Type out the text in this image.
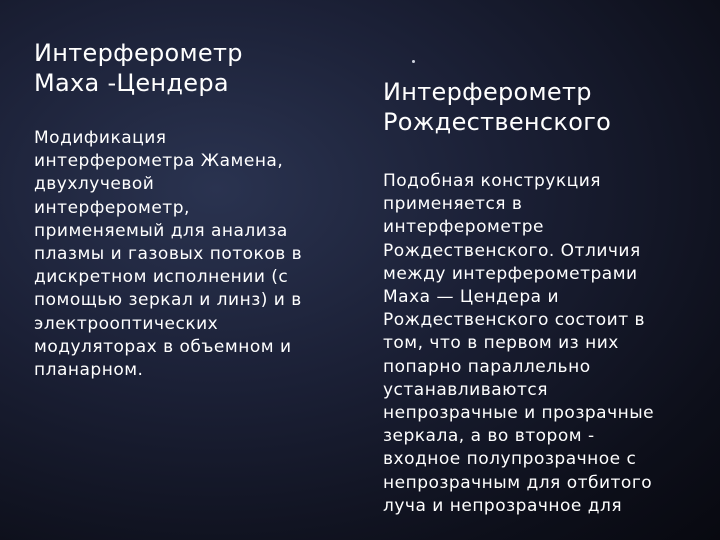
Интерферометр
Маха -Цендера

Модификация
интерферометра Жамена,
двухлучевой
интерферометр,
применяемый для анализа
плазмы и газовых потоков в
дискретном исполнении (с
помощью зеркал и линз) и в
электрооптических
модуляторах в объемном и
планарном.

Интерферометр
Рождественского

Подобная конструкция
применяется в
интерферометре
Рождественского. Отличия
между интерферометрами
Маха — Цендера и
Рождественского состоит в
том, что в первом из них
попарно параллельно
устанавливаются
непрозрачные и прозрачные
зеркала, а во втором -
входное полупрозрачное с
непрозрачным для отбитого
луча и непрозрачное для
